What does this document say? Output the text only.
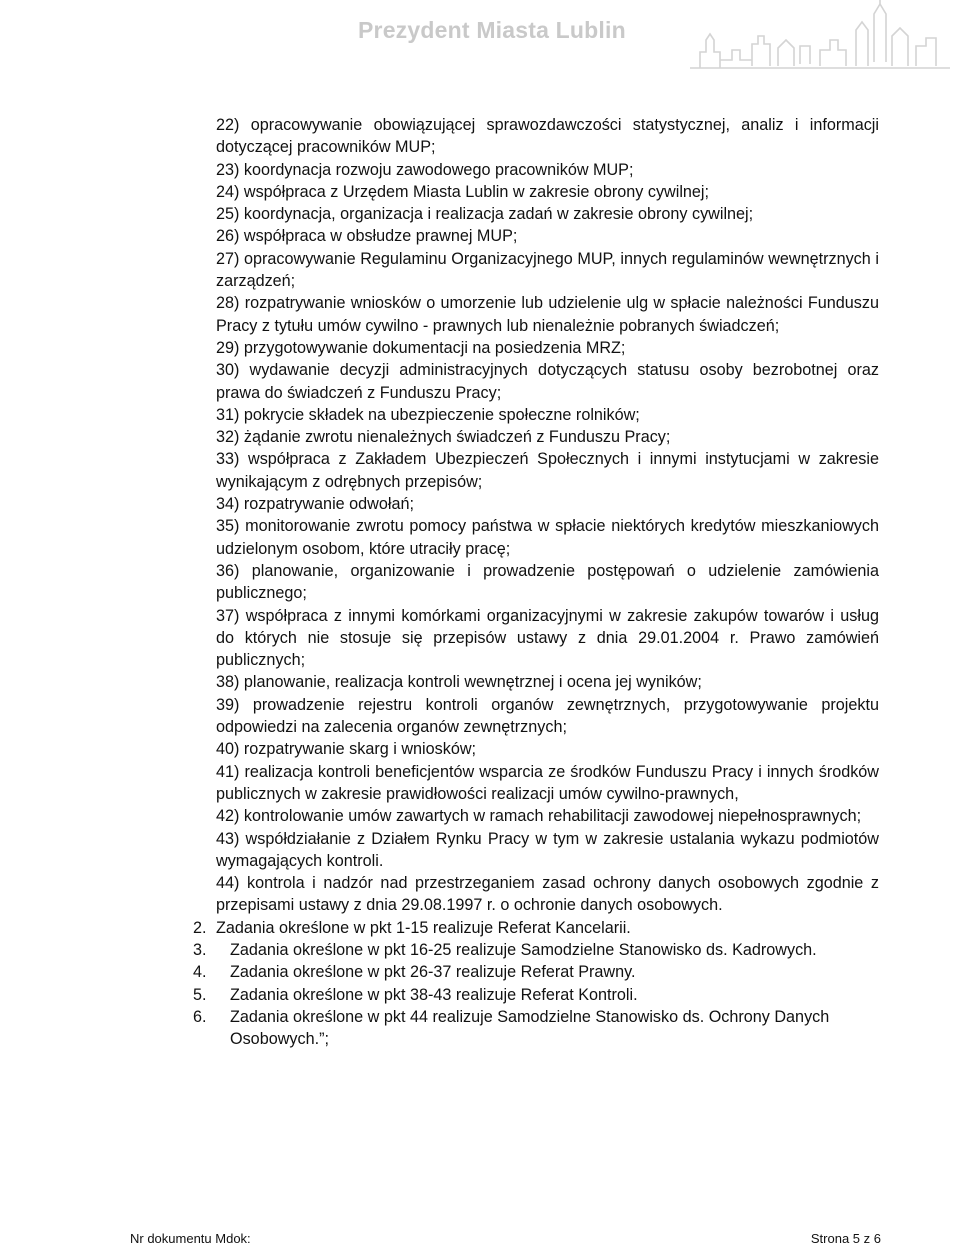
Prezydent Miasta Lublin
22) opracowywanie obowiązującej sprawozdawczości statystycznej, analiz i informacji dotyczącej pracowników MUP;
23) koordynacja rozwoju zawodowego pracowników MUP;
24) współpraca z Urzędem Miasta Lublin w zakresie obrony cywilnej;
25) koordynacja, organizacja i realizacja zadań w zakresie obrony cywilnej;
26) współpraca w obsłudze prawnej MUP;
27) opracowywanie Regulaminu Organizacyjnego MUP, innych regulaminów wewnętrznych i zarządzeń;
28) rozpatrywanie wniosków o umorzenie lub udzielenie ulg w spłacie należności Funduszu Pracy z tytułu umów cywilno - prawnych lub nienależnie pobranych świadczeń;
29) przygotowywanie dokumentacji na posiedzenia MRZ;
30) wydawanie decyzji administracyjnych dotyczących statusu osoby bezrobotnej oraz prawa do świadczeń z Funduszu Pracy;
31) pokrycie składek na ubezpieczenie społeczne rolników;
32) żądanie zwrotu nienależnych świadczeń z Funduszu Pracy;
33) współpraca z Zakładem Ubezpieczeń Społecznych i innymi instytucjami w zakresie wynikającym z odrębnych przepisów;
34) rozpatrywanie odwołań;
35) monitorowanie zwrotu pomocy państwa w spłacie niektórych kredytów mieszkaniowych udzielonym osobom, które utraciły pracę;
36) planowanie, organizowanie i prowadzenie postępowań o udzielenie zamówienia publicznego;
37) współpraca z innymi komórkami organizacyjnymi w zakresie zakupów towarów i usług do których nie stosuje się przepisów ustawy z dnia 29.01.2004 r. Prawo zamówień publicznych;
38) planowanie, realizacja kontroli wewnętrznej i ocena jej wyników;
39) prowadzenie rejestru kontroli organów zewnętrznych, przygotowywanie projektu odpowiedzi na zalecenia organów zewnętrznych;
40) rozpatrywanie skarg i wniosków;
41) realizacja kontroli beneficjentów wsparcia ze środków Funduszu Pracy i innych środków publicznych w zakresie prawidłowości realizacji umów cywilno-prawnych,
42) kontrolowanie umów zawartych w ramach rehabilitacji zawodowej niepełnosprawnych;
43) współdziałanie z Działem Rynku Pracy w tym w zakresie ustalania wykazu podmiotów wymagających kontroli.
44) kontrola i nadzór nad przestrzeganiem zasad ochrony danych osobowych zgodnie z przepisami ustawy z dnia 29.08.1997 r. o ochronie danych osobowych.
2. Zadania określone w pkt 1-15 realizuje Referat Kancelarii.
3.	Zadania określone w pkt 16-25 realizuje Samodzielne Stanowisko ds. Kadrowych.
4.	Zadania określone w pkt 26-37 realizuje Referat Prawny.
5.	Zadania określone w pkt 38-43 realizuje Referat Kontroli.
6.	Zadania określone w pkt 44 realizuje Samodzielne Stanowisko ds. Ochrony Danych Osobowych.”;
Nr dokumentu Mdok:	Strona 5 z 6
